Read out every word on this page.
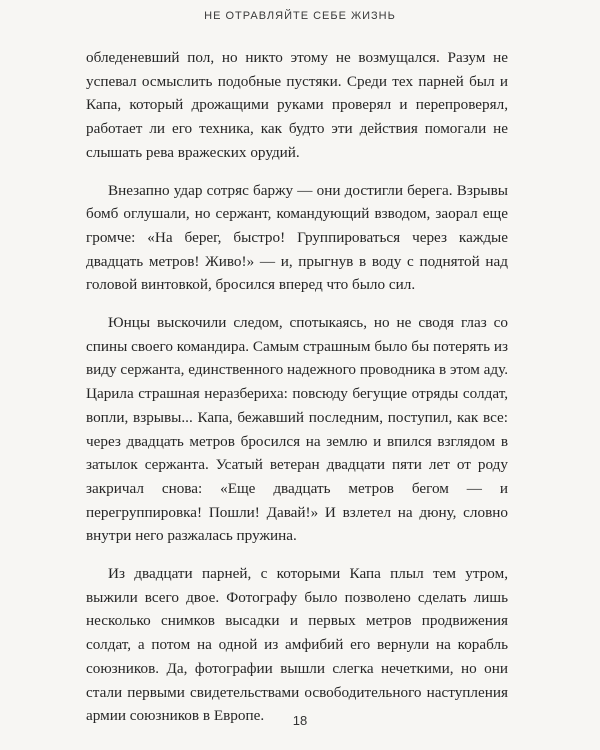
НЕ ОТРАВЛЯЙТЕ СЕБЕ ЖИЗНЬ

обледеневший пол, но никто этому не возмущался. Разум не успевал осмыслить подобные пустяки. Среди тех парней был и Капа, который дрожащими руками проверял и перепроверял, работает ли его техника, как будто эти действия помогали не слышать рева вражеских орудий.

Внезапно удар сотряс баржу — они достигли берега. Взрывы бомб оглушали, но сержант, командующий взводом, заорал еще громче: «На берег, быстро! Группироваться через каждые двадцать метров! Живо!» — и, прыгнув в воду с поднятой над головой винтовкой, бросился вперед что было сил.

Юнцы выскочили следом, спотыкаясь, но не сводя глаз со спины своего командира. Самым страшным было бы потерять из виду сержанта, единственного надежного проводника в этом аду. Царила страшная неразбериха: повсюду бегущие отряды солдат, вопли, взрывы... Капа, бежавший последним, поступил, как все: через двадцать метров бросился на землю и впился взглядом в затылок сержанта. Усатый ветеран двадцати пяти лет от роду закричал снова: «Еще двадцать метров бегом — и перегруппировка! Пошли! Давай!» И взлетел на дюну, словно внутри него разжалась пружина.

Из двадцати парней, с которыми Капа плыл тем утром, выжили всего двое. Фотографу было позволено сделать лишь несколько снимков высадки и первых метров продвижения солдат, а потом на одной из амфибий его вернули на корабль союзников. Да, фотографии вышли слегка нечеткими, но они стали первыми свидетельствами освободительного наступления армии союзников в Европе.	18
